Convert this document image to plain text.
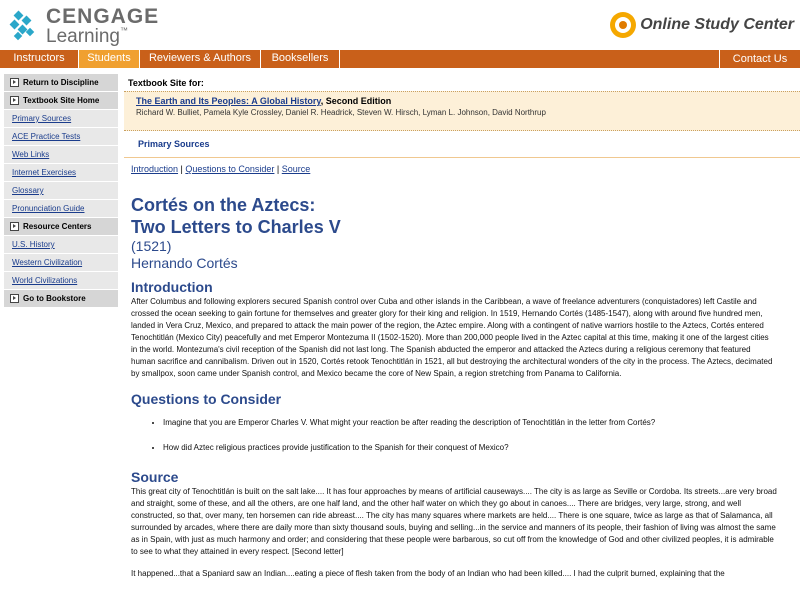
CENGAGE
Learning™	Online Study Center
Instructors	Students	Reviewers & Authors	Booksellers	Contact Us
Return to Discipline
Textbook Site Home
Primary Sources
ACE Practice Tests
Web Links
Internet Exercises
Glossary
Pronunciation Guide
Resource Centers
U.S. History
Western Civilization
World Civilizations
Go to Bookstore
Textbook Site for:
The Earth and Its Peoples: A Global History, Second Edition
Richard W. Bulliet, Pamela Kyle Crossley, Daniel R. Headrick, Steven W. Hirsch, Lyman L. Johnson, David Northrup
Primary Sources
Introduction | Questions to Consider | Source
Cortés on the Aztecs:
Two Letters to Charles V
(1521)
Hernando Cortés
Introduction

After Columbus and following explorers secured Spanish control over Cuba and other islands in the Caribbean, a wave of freelance adventurers (conquistadores) left Castile and crossed the ocean seeking to gain fortune for themselves and greater glory for their king and religion. In 1519, Hernando Cortés (1485-1547), along with around five hundred men, landed in Vera Cruz, Mexico, and prepared to attack the main power of the region, the Aztec empire. Along with a contingent of native warriors hostile to the Aztecs, Cortés entered Tenochtitlán (Mexico City) peacefully and met Emperor Montezuma II (1502-1520). More than 200,000 people lived in the Aztec capital at this time, making it one of the largest cities in the world. Montezuma's civil reception of the Spanish did not last long. The Spanish abducted the emperor and attacked the Aztecs during a religious ceremony that featured human sacrifice and cannibalism. Driven out in 1520, Cortés retook Tenochtitlán in 1521, all but destroying the architectural wonders of the city in the process. The Aztecs, decimated by smallpox, soon came under Spanish control, and Mexico became the core of New Spain, a region stretching from Panama to California.

Questions to Consider
• Imagine that you are Emperor Charles V. What might your reaction be after reading the description of Tenochtitlán in the letter from Cortés?
• How did Aztec religious practices provide justification to the Spanish for their conquest of Mexico?
Source

This great city of Tenochtitlán is built on the salt lake.... It has four approaches by means of artificial causeways.... The city is as large as Seville or Cordoba. Its streets...are very broad and straight, some of these, and all the others, are one half land, and the other half water on which they go about in canoes.... There are bridges, very large, strong, and well constructed, so that, over many, ten horsemen can ride abreast.... The city has many squares where markets are held.... There is one square, twice as large as that of Salamanca, all surrounded by arcades, where there are daily more than sixty thousand souls, buying and selling...in the service and manners of its people, their fashion of living was almost the same as in Spain, with just as much harmony and order; and considering that these people were barbarous, so cut off from the knowledge of God and other civilized peoples, it is admirable to see to what they attained in every respect. [Second letter]

It happened...that a Spaniard saw an Indian....eating a piece of flesh taken from the body of an Indian who had been killed.... I had the culprit burned, explaining that the
